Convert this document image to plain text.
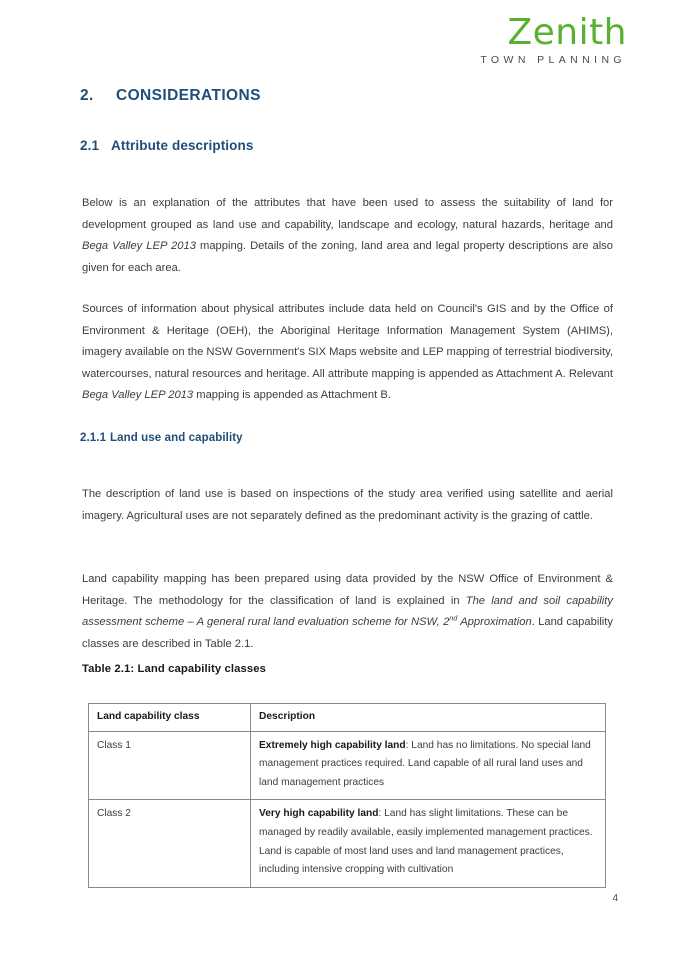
Zenith
TOWN PLANNING
2. CONSIDERATIONS
2.1 Attribute descriptions

Below is an explanation of the attributes that have been used to assess the suitability of land for development grouped as land use and capability, landscape and ecology, natural hazards, heritage and Bega Valley LEP 2013 mapping. Details of the zoning, land area and legal property descriptions are also given for each area.

Sources of information about physical attributes include data held on Council's GIS and by the Office of Environment & Heritage (OEH), the Aboriginal Heritage Information Management System (AHIMS), imagery available on the NSW Government's SIX Maps website and LEP mapping of terrestrial biodiversity, watercourses, natural resources and heritage. All attribute mapping is appended as Attachment A. Relevant Bega Valley LEP 2013 mapping is appended as Attachment B.

2.1.1 Land use and capability

The description of land use is based on inspections of the study area verified using satellite and aerial imagery. Agricultural uses are not separately defined as the predominant activity is the grazing of cattle.

Land capability mapping has been prepared using data provided by the NSW Office of Environment & Heritage. The methodology for the classification of land is explained in The land and soil capability assessment scheme – A general rural land evaluation scheme for NSW, 2nd Approximation. Land capability classes are described in Table 2.1.

Table 2.1: Land capability classes
Land capability class	Description
Class 1	Extremely high capability land: Land has no limitations. No special land management practices required. Land capable of all rural land uses and land management practices
Class 2	Very high capability land: Land has slight limitations. These can be managed by readily available, easily implemented management practices. Land is capable of most land uses and land management practices, including intensive cropping with cultivation
4
